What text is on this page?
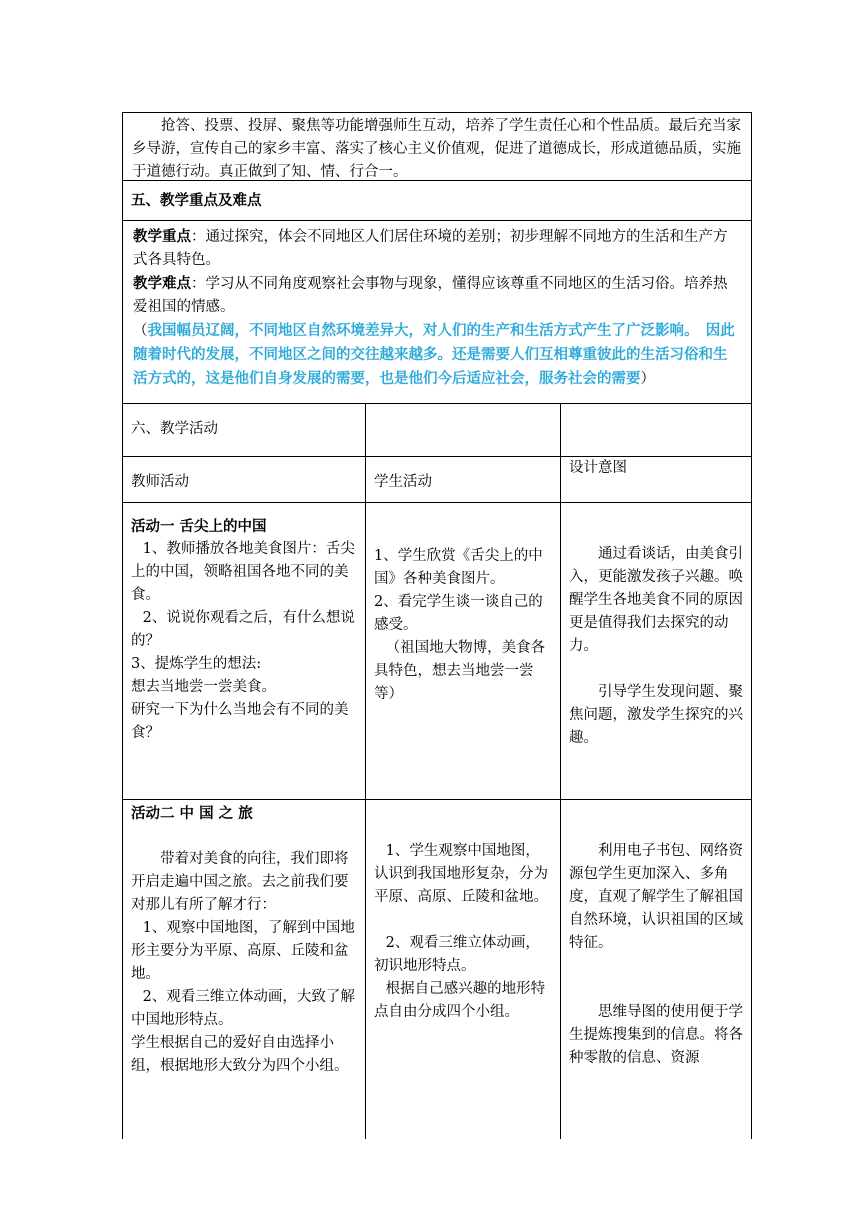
抢答、投票、投屏、聚焦等功能增强师生互动，培养了学生责任心和个性品质。最后充当家乡导游，宣传自己的家乡丰富、落实了核心主义价值观，促进了道德成长，形成道德品质，实施于道德行动。真正做到了知、情、行合一。

五、教学重点及难点

教学重点：通过探究，体会不同地区人们居住环境的差别；初步理解不同地方的生活和生产方式各具特色。

教学难点：学习从不同角度观察社会事物与现象，懂得应该尊重不同地区的生活习俗。培养热爱祖国的情感。

（我国幅员辽阔，不同地区自然环境差异大，对人们的生产和生活方式产生了广泛影响。　因此随着时代的发展，不同地区之间的交往越来越多。还是需要人们互相尊重彼此的生活习俗和生活方式的，这是他们自身发展的需要，也是他们今后适应社会，服务社会的需要）

六、教学活动
教师活动	学生活动
设计意图

活动一 舌尖上的中国

1、教师播放各地美食图片：舌尖上的中国，领略祖国各地不同的美食。

2、说说你观看之后，有什么想说的？

3、提炼学生的想法:

想去当地尝一尝美食。

研究一下为什么当地会有不同的美食？

1、学生欣赏《舌尖上的中国》各种美食图片。

2、看完学生谈一谈自己的感受。

（祖国地大物博，美食各具特色，想去当地尝一尝等）

通过看谈话，由美食引入，更能激发孩子兴趣。唤醒学生各地美食不同的原因更是值得我们去探究的动力。

引导学生发现问题、聚焦问题，激发学生探究的兴趣。

活动二 中 国 之 旅

带着对美食的向往，我们即将开启走遍中国之旅。去之前我们要对那儿有所了解才行：

1、观察中国地图，了解到中国地形主要分为平原、高原、丘陵和盆地。

2、观看三维立体动画，大致了解中国地形特点。

学生根据自己的爱好自由选择小组，根据地形大致分为四个小组。

1、学生观察中国地图，认识到我国地形复杂，分为平原、高原、丘陵和盆地。

2、观看三维立体动画，初识地形特点。

根据自己感兴趣的地形特点自由分成四个小组。

利用电子书包、网络资源包学生更加深入、多角度，直观了解学生了解祖国自然环境，认识祖国的区域特征。

思维导图的使用便于学生提炼搜集到的信息。将各种零散的信息、资源
